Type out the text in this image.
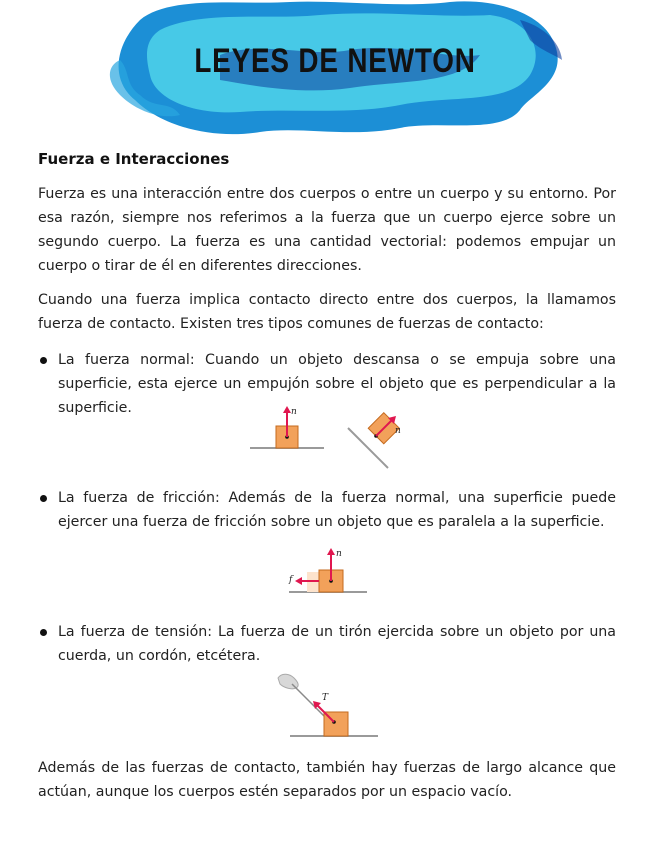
LEYES DE NEWTON
Fuerza e Interacciones
Fuerza es una interacción entre dos cuerpos o entre un cuerpo y su entorno. Por esa razón, siempre nos referimos a la fuerza que un cuerpo ejerce sobre un segundo cuerpo. La fuerza es una cantidad vectorial: podemos empujar un cuerpo o tirar de él en diferentes direcciones.
Cuando una fuerza implica contacto directo entre dos cuerpos, la llamamos fuerza de contacto. Existen tres tipos comunes de fuerzas de contacto:
La fuerza normal: Cuando un objeto descansa o se empuja sobre una superficie, esta ejerce un empujón sobre el objeto que es perpendicular a la superficie.	n
n
La fuerza de fricción: Además de la fuerza normal, una superficie puede ejercer una fuerza de fricción sobre un objeto que es paralela a la superficie.
n
f
La fuerza de tensión: La fuerza de un tirón ejercida sobre un objeto por una cuerda, un cordón, etcétera.
T
Además de las fuerzas de contacto, también hay fuerzas de largo alcance que actúan, aunque los cuerpos estén separados por un espacio vacío.
